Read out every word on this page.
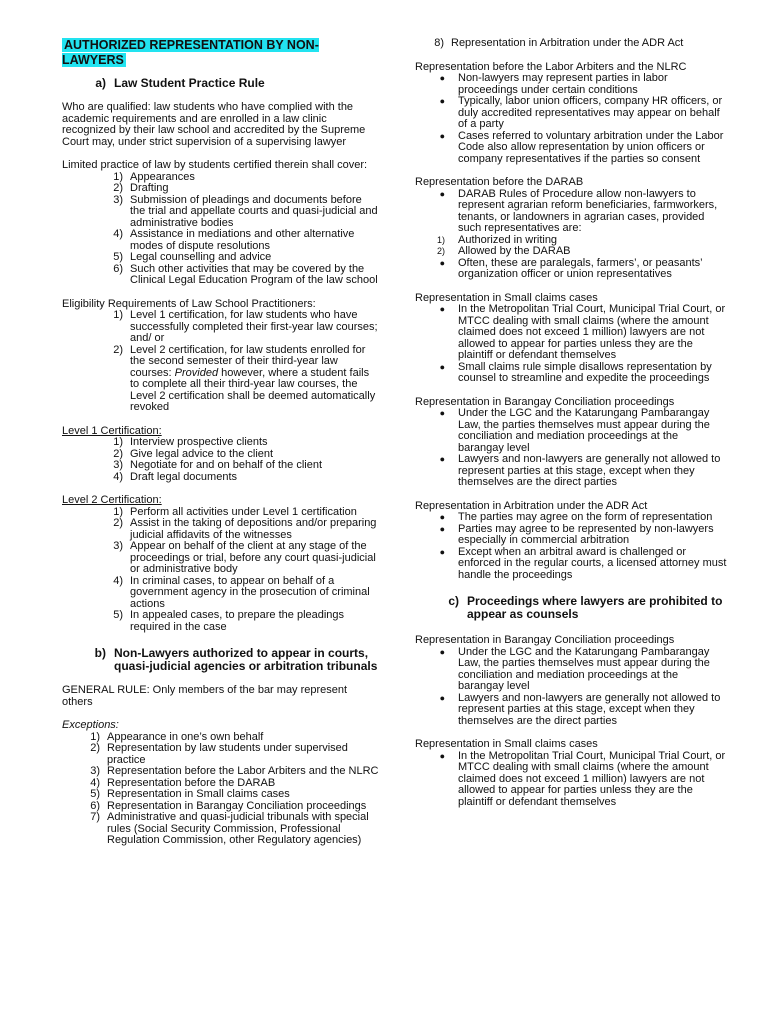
AUTHORIZED REPRESENTATION BY NON-LAWYERS
a) Law Student Practice Rule

Who are qualified: law students who have complied with the academic requirements and are enrolled in a law clinic recognized by their law school and accredited by the Supreme Court may, under strict supervision of a supervising lawyer

Limited practice of law by students certified therein shall cover:
1) Appearances
2) Drafting
3) Submission of pleadings and documents before the trial and appellate courts and quasi-judicial and administrative bodies
4) Assistance in mediations and other alternative modes of dispute resolutions
5) Legal counselling and advice
6) Such other activities that may be covered by the Clinical Legal Education Program of the law school
Eligibility Requirements of Law School Practitioners:
1) Level 1 certification, for law students who have successfully completed their first-year law courses; and/ or
2) Level 2 certification, for law students enrolled for the second semester of their third-year law courses: Provided however, where a student fails to complete all their third-year law courses, the Level 2 certification shall be deemed automatically revoked
Level 1 Certification:
1) Interview prospective clients
2) Give legal advice to the client
3) Negotiate for and on behalf of the client
4) Draft legal documents
Level 2 Certification:
1) Perform all activities under Level 1 certification
2) Assist in the taking of depositions and/or preparing judicial affidavits of the witnesses
3) Appear on behalf of the client at any stage of the proceedings or trial, before any court quasi-judicial or administrative body
4) In criminal cases, to appear on behalf of a government agency in the prosecution of criminal actions
5) In appealed cases, to prepare the pleadings required in the case
b) Non-Lawyers authorized to appear in courts, quasi-judicial agencies or arbitration tribunals

GENERAL RULE: Only members of the bar may represent others

Exceptions:
1) Appearance in one’s own behalf
2) Representation by law students under supervised practice
3) Representation before the Labor Arbiters and the NLRC
4) Representation before the DARAB
5) Representation in Small claims cases
6) Representation in Barangay Conciliation proceedings
7) Administrative and quasi-judicial tribunals with special rules (Social Security Commission, Professional Regulation Commission, other Regulatory agencies)
8) Representation in Arbitration under the ADR Act
Representation before the Labor Arbiters and the NLRC
●	Non-lawyers may represent parties in labor proceedings under certain conditions
●	Typically, labor union officers, company HR officers, or duly accredited representatives may appear on behalf of a party
●	Cases referred to voluntary arbitration under the Labor Code also allow representation by union officers or company representatives if the parties so consent
Representation before the DARAB
●	DARAB Rules of Procedure allow non-lawyers to represent agrarian reform beneficiaries, farmworkers, tenants, or landowners in agrarian cases, provided such representatives are:
1)	Authorized in writing
2)	Allowed by the DARAB
●	Often, these are paralegals, farmers’, or peasants’ organization officer or union representatives
Representation in Small claims cases
●	In the Metropolitan Trial Court, Municipal Trial Court, or MTCC dealing with small claims (where the amount claimed does not exceed 1 million) lawyers are not allowed to appear for parties unless they are the plaintiff or defendant themselves
●	Small claims rule simple disallows representation by counsel to streamline and expedite the proceedings
Representation in Barangay Conciliation proceedings
●	Under the LGC and the Katarungang Pambarangay Law, the parties themselves must appear during the conciliation and mediation proceedings at the barangay level
●	Lawyers and non-lawyers are generally not allowed to represent parties at this stage, except when they themselves are the direct parties
Representation in Arbitration under the ADR Act
●	The parties may agree on the form of representation
●	Parties may agree to be represented by non-lawyers especially in commercial arbitration
●	Except when an arbitral award is challenged or enforced in the regular courts, a licensed attorney must handle the proceedings
c) Proceedings where lawyers are prohibited to appear as counsels
Representation in Barangay Conciliation proceedings
●	Under the LGC and the Katarungang Pambarangay Law, the parties themselves must appear during the conciliation and mediation proceedings at the barangay level
●	Lawyers and non-lawyers are generally not allowed to represent parties at this stage, except when they themselves are the direct parties
Representation in Small claims cases
●	In the Metropolitan Trial Court, Municipal Trial Court, or MTCC dealing with small claims (where the amount claimed does not exceed 1 million) lawyers are not allowed to appear for parties unless they are the plaintiff or defendant themselves
